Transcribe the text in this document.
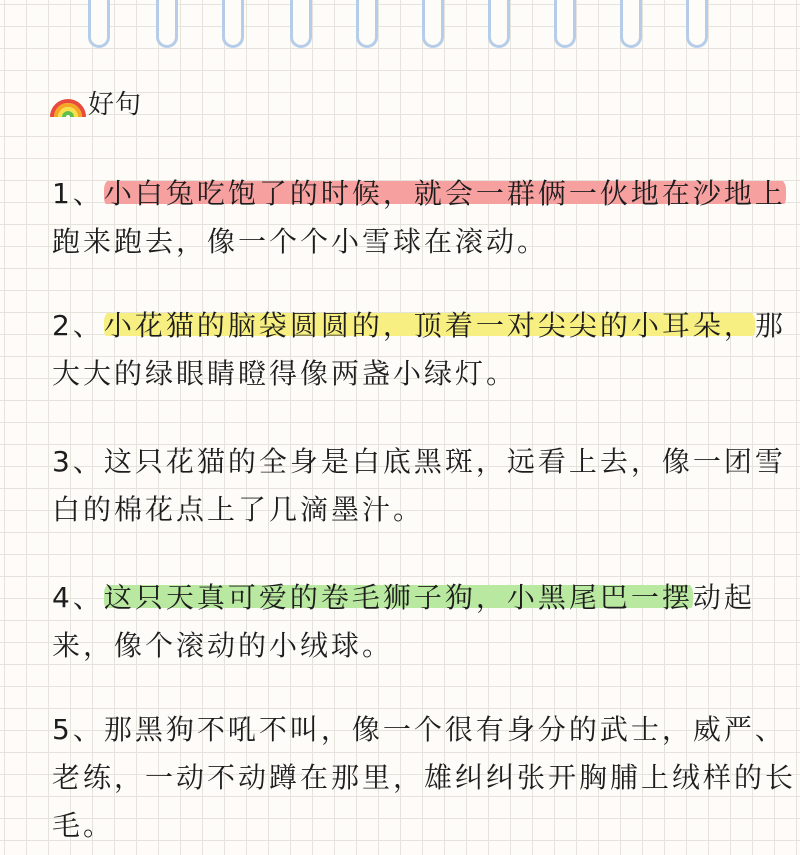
好句
1、小白兔吃饱了的时候，就会一群俩一伙地在沙地上
跑来跑去，像一个个小雪球在滚动。
2、小花猫的脑袋圆圆的，顶着一对尖尖的小耳朵，那
大大的绿眼睛瞪得像两盏小绿灯。
3、这只花猫的全身是白底黑斑，远看上去，像一团雪
白的棉花点上了几滴墨汁。
4、这只天真可爱的卷毛狮子狗，小黑尾巴一摆动起
来，像个滚动的小绒球。
5、那黑狗不吼不叫，像一个很有身分的武士，威严、
老练，一动不动蹲在那里，雄纠纠张开胸脯上绒样的长
毛。
